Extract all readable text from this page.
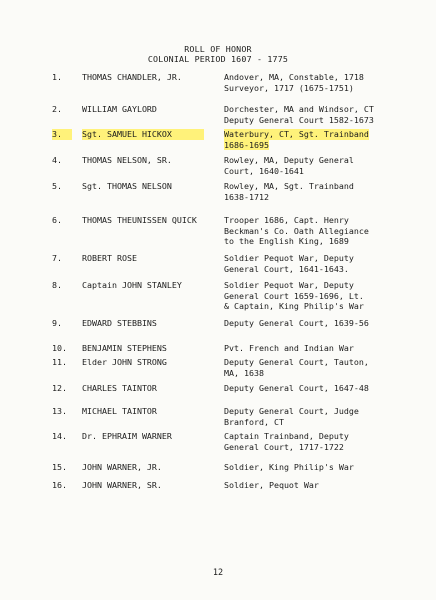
ROLL OF HONOR
COLONIAL PERIOD 1607 - 1775
1.	THOMAS CHANDLER, JR.	Andover, MA, Constable, 1718
Surveyor, 1717 (1675-1751)
2.	WILLIAM GAYLORD	Dorchester, MA and Windsor, CT
Deputy General Court 1582-1673
3.	Sgt. SAMUEL HICKOX	Waterbury, CT, Sgt. Trainband
1686-1695

4.	THOMAS NELSON, SR.	Rowley, MA, Deputy General
Court, 1640-1641
5.	Sgt. THOMAS NELSON	Rowley, MA, Sgt. Trainband
1638-1712
6.	THOMAS THEUNISSEN QUICK	Trooper 1686, Capt. Henry
Beckman's Co. Oath Allegiance
to the English King, 1689
7.	ROBERT ROSE	Soldier Pequot War, Deputy
General Court, 1641-1643.
8.	Captain JOHN STANLEY	Soldier Pequot War, Deputy
General Court 1659-1696, Lt.
& Captain, King Philip's War
9.	EDWARD STEBBINS	Deputy General Court, 1639-56
10.	BENJAMIN STEPHENS	Pvt. French and Indian War
11.	Elder JOHN STRONG	Deputy General Court, Tauton,
MA, 1638
12.	CHARLES TAINTOR	Deputy General Court, 1647-48
13.	MICHAEL TAINTOR	Deputy General Court, Judge
Branford, CT
14.	Dr. EPHRAIM WARNER	Captain Trainband, Deputy
General Court, 1717-1722
15.	JOHN WARNER, JR.	Soldier, King Philip's War
16.	JOHN WARNER, SR.	Soldier, Pequot War
12
